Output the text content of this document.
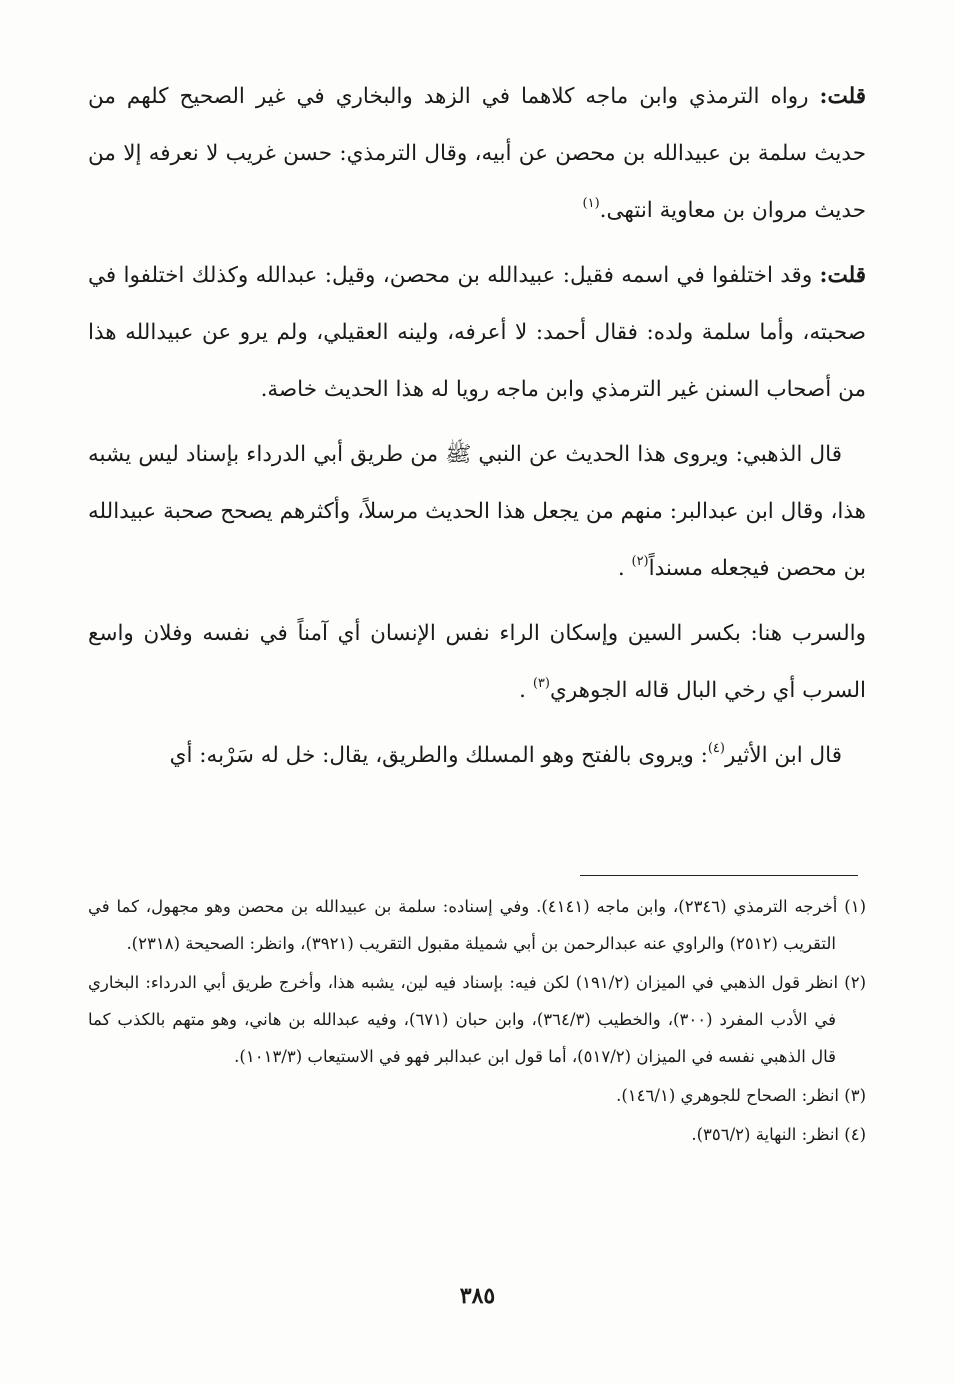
قلت: رواه الترمذي وابن ماجه كلاهما في الزهد والبخاري في غير الصحيح كلهم من حديث سلمة بن عبيدالله بن محصن عن أبيه، وقال الترمذي: حسن غريب لا نعرفه إلا من حديث مروان بن معاوية انتهى.$^{(١)}$

قلت: وقد اختلفوا في اسمه فقيل: عبيدالله بن محصن، وقيل: عبدالله وكذلك اختلفوا في صحبته، وأما سلمة ولده: فقال أحمد: لا أعرفه، ولينه العقيلي، ولم يرو عن عبيدالله هذا من أصحاب السنن غير الترمذي وابن ماجه رويا له هذا الحديث خاصة.

قال الذهبي: ويروى هذا الحديث عن النبي ﷺ من طريق أبي الدرداء بإسناد ليس يشبه هذا، وقال ابن عبدالبر: منهم من يجعل هذا الحديث مرسلاً، وأكثرهم يصحح صحبة عبيدالله بن محصن فيجعله مسنداً$^{(٢)}$ .

والسرب هنا: بكسر السين وإسكان الراء نفس الإنسان أي آمناً في نفسه وفلان واسع السرب أي رخي البال قاله الجوهري$^{(٣)}$ .

قال ابن الأثير$^{(٤)}$: ويروى بالفتح وهو المسلك والطريق، يقال: خل له سَرْبه: أي

(١) أخرجه الترمذي (٢٣٤٦)، وابن ماجه (٤١٤١). وفي إسناده: سلمة بن عبيدالله بن محصن وهو مجهول، كما في التقريب (٢٥١٢) والراوي عنه عبدالرحمن بن أبي شميلة مقبول التقريب (٣٩٢١)، وانظر: الصحيحة (٢٣١٨).

(٢) انظر قول الذهبي في الميزان (١٩١/٢) لكن فيه: بإسناد فيه لين، يشبه هذا، وأخرج طريق أبي الدرداء: البخاري في الأدب المفرد (٣٠٠)، والخطيب (٣٦٤/٣)، وابن حبان (٦٧١)، وفيه عبدالله بن هاني، وهو متهم بالكذب كما قال الذهبي نفسه في الميزان (٥١٧/٢)، أما قول ابن عبدالبر فهو في الاستيعاب (١٠١٣/٣).

(٣) انظر: الصحاح للجوهري (١٤٦/١).

(٤) انظر: النهاية (٣٥٦/٢).

٣٨٥
